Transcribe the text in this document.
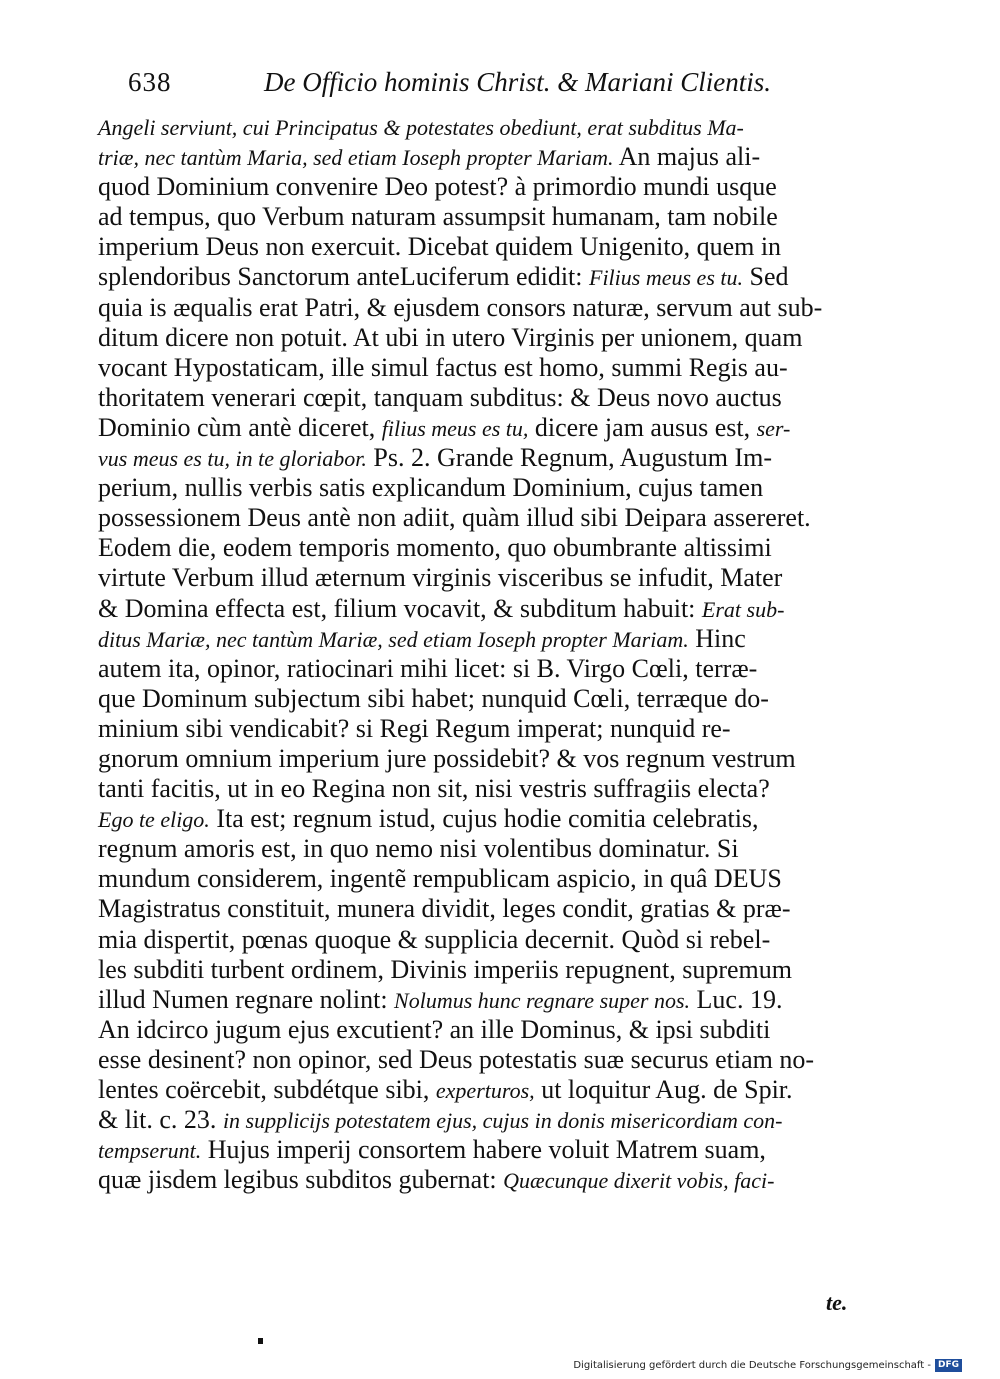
638	De Officio hominis Christ. & Mariani Clientis.
Angeli serviunt, cui Principatus & potestates obediunt, erat subditus Ma-
triæ, nec tantùm Maria, sed etiam Ioseph propter Mariam. An majus ali-
quod Dominium convenire Deo potest? à primordio mundi usque
ad tempus, quo Verbum naturam assumpsit humanam, tam nobile
imperium Deus non exercuit. Dicebat quidem Unigenito, quem in
splendoribus Sanctorum anteLuciferum edidit: Filius meus es tu. Sed
quia is æqualis erat Patri, & ejusdem consors naturæ, servum aut sub-
ditum dicere non potuit. At ubi in utero Virginis per unionem, quam
vocant Hypostaticam, ille simul factus est homo, summi Regis au-
thoritatem venerari cœpit, tanquam subditus: & Deus novo auctus
Dominio cùm antè diceret, filius meus es tu, dicere jam ausus est, ser-
vus meus es tu, in te gloriabor. Ps. 2. Grande Regnum, Augustum Im-
perium, nullis verbis satis explicandum Dominium, cujus tamen
possessionem Deus antè non adiit, quàm illud sibi Deipara assereret.
Eodem die, eodem temporis momento, quo obumbrante altissimi
virtute Verbum illud æternum virginis visceribus se infudit, Mater
& Domina effecta est, filium vocavit, & subditum habuit: Erat sub-
ditus Mariæ, nec tantùm Mariæ, sed etiam Ioseph propter Mariam. Hinc
autem ita, opinor, ratiocinari mihi licet: si B. Virgo Cœli, terræ-
que Dominum subjectum sibi habet; nunquid Cœli, terræque do-
minium sibi vendicabit? si Regi Regum imperat; nunquid re-
gnorum omnium imperium jure possidebit? & vos regnum vestrum
tanti facitis, ut in eo Regina non sit, nisi vestris suffragiis electa?
Ego te eligo. Ita est; regnum istud, cujus hodie comitia celebratis,
regnum amoris est, in quo nemo nisi volentibus dominatur. Si
mundum considerem, ingentẽ rempublicam aspicio, in quâ DEUS
Magistratus constituit, munera dividit, leges condit, gratias & præ-
mia dispertit, pœnas quoque & supplicia decernit. Quòd si rebel-
les subditi turbent ordinem, Divinis imperiis repugnent, supremum
illud Numen regnare nolint: Nolumus hunc regnare super nos. Luc. 19.
An idcirco jugum ejus excutient? an ille Dominus, & ipsi subditi
esse desinent? non opinor, sed Deus potestatis suæ securus etiam no-
lentes coërcebit, subdétque sibi, experturos, ut loquitur Aug. de Spir.
& lit. c. 23. in supplicijs potestatem ejus, cujus in donis misericordiam con-
tempserunt. Hujus imperij consortem habere voluit Matrem suam,
quæ jisdem legibus subditos gubernat: Quæcunque dixerit vobis, faci-
te.
Digitalisierung gefördert durch die Deutsche Forschungsgemeinschaft - DFG
